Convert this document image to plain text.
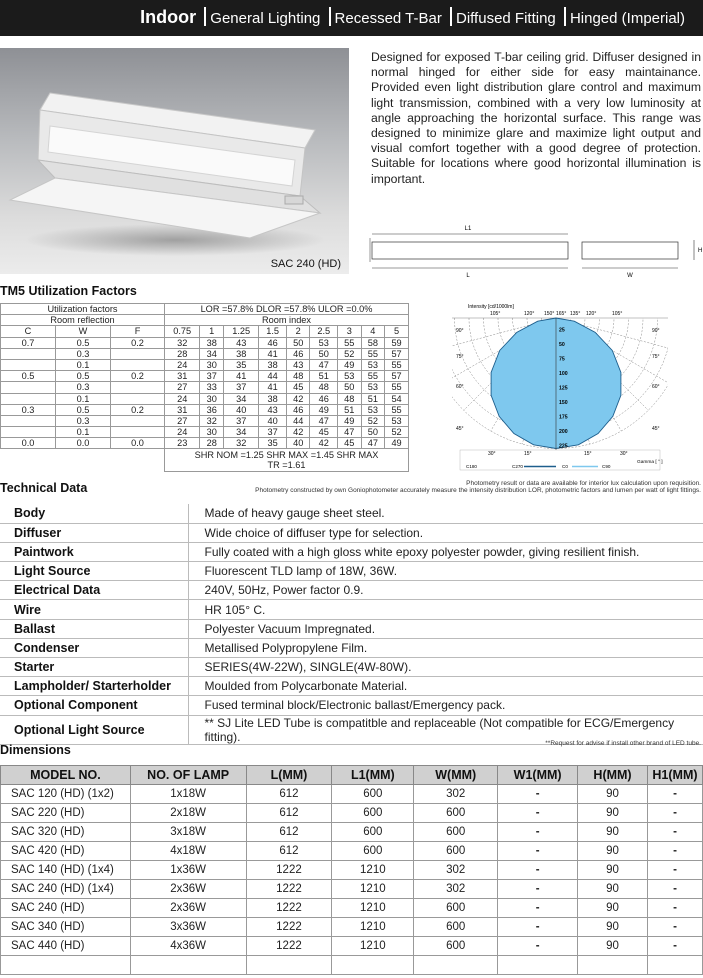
Indoor General Lighting Recessed T-Bar Diffused Fitting Hinged (Imperial)
SAC 240 (HD)
Designed for exposed T-bar ceiling grid. Diffuser designed in normal hinged for either side for easy maintainance. Provided even light distribution glare control and maximum light transmission, combined with a very low luminosity at angle approaching the horizontal surface. This range was designed to minimize glare and maximize light output and visual comfort together with a good degree of protection. Suitable for locations where good horizontal illumination is important.
L1
L	W
H
TM5 Utilization Factors
Utilization factors			LOR =57.8% DLOR =57.8% ULOR =0.0%								
Room reflection			Room index								
C	W	F	0.75	1	1.25	1.5	2	2.5	3	4	5
0.7	0.5	0.2	32	38	43	46	50	53	55	58	59
	0.3		28	34	38	41	46	50	52	55	57
	0.1		24	30	35	38	43	47	49	53	55
0.5	0.5	0.2	31	37	41	44	48	51	53	55	57
	0.3		27	33	37	41	45	48	50	53	55
	0.1		24	30	34	38	42	46	48	51	54
0.3	0.5	0.2	31	36	40	43	46	49	51	53	55
	0.3		27	32	37	40	44	47	49	52	53
	0.1		24	30	34	37	42	45	47	50	52
0.0	0.0	0.0	23	28	32	35	40	42	45	47	49

			SHR NOM =1.25 SHR MAX =1.45 SHR MAX
TR =1.61								
Intensity [cd/1000lm]
25
50
75
100
125
150
175
200
225
90°
75°
60°
45°
90°
75°
60°
45°
105°	120° 150° 165° 135° 120°	105°
30°	15°	15°	30°
Gamma [ ° ]
C180	C270	C0	C90
Photometry result or data are available for interior lux calculation upon requisition.
Photometry constructed by own Goniophotometer accurately measure the intensity distribution LOR, photometric factors and lumen per watt of light fittings.
Technical Data
Body	Made of heavy gauge sheet steel.
Diffuser	Wide choice of diffuser type for selection.
Paintwork	Fully coated with a high gloss white epoxy polyester powder, giving resilient finish.
Light Source	Fluorescent TLD lamp of 18W, 36W.
Electrical Data	240V, 50Hz, Power factor 0.9.
Wire	HR 105° C.
Ballast	Polyester Vacuum Impregnated.
Condenser	Metallised Polypropylene Film.
Starter	SERIES(4W-22W), SINGLE(4W-80W).
Lampholder/ Starterholder	Moulded from Polycarbonate Material.
Optional Component	Fused terminal block/Electronic ballast/Emergency pack.
Optional Light Source	** SJ Lite LED Tube is compatitble and replaceable (Not compatible for ECG/Emergency fitting).
Dimensions	**Request for advise if install other brand of LED tube.
MODEL NO.	NO. OF LAMP	L(MM)	L1(MM)	W(MM)	W1(MM)	H(MM)	H1(MM)
SAC 120 (HD) (1x2)	1x18W	612	600	302	-	90	-
SAC 220 (HD)	2x18W	612	600	600	-	90	-
SAC 320 (HD)	3x18W	612	600	600	-	90	-
SAC 420 (HD)	4x18W	612	600	600	-	90	-
SAC 140 (HD) (1x4)	1x36W	1222	1210	302	-	90	-
SAC 240 (HD) (1x4)	2x36W	1222	1210	302	-	90	-
SAC 240 (HD)	2x36W	1222	1210	600	-	90	-
SAC 340 (HD)	3x36W	1222	1210	600	-	90	-
SAC 440 (HD)	4x36W	1222	1210	600	-	90	-
